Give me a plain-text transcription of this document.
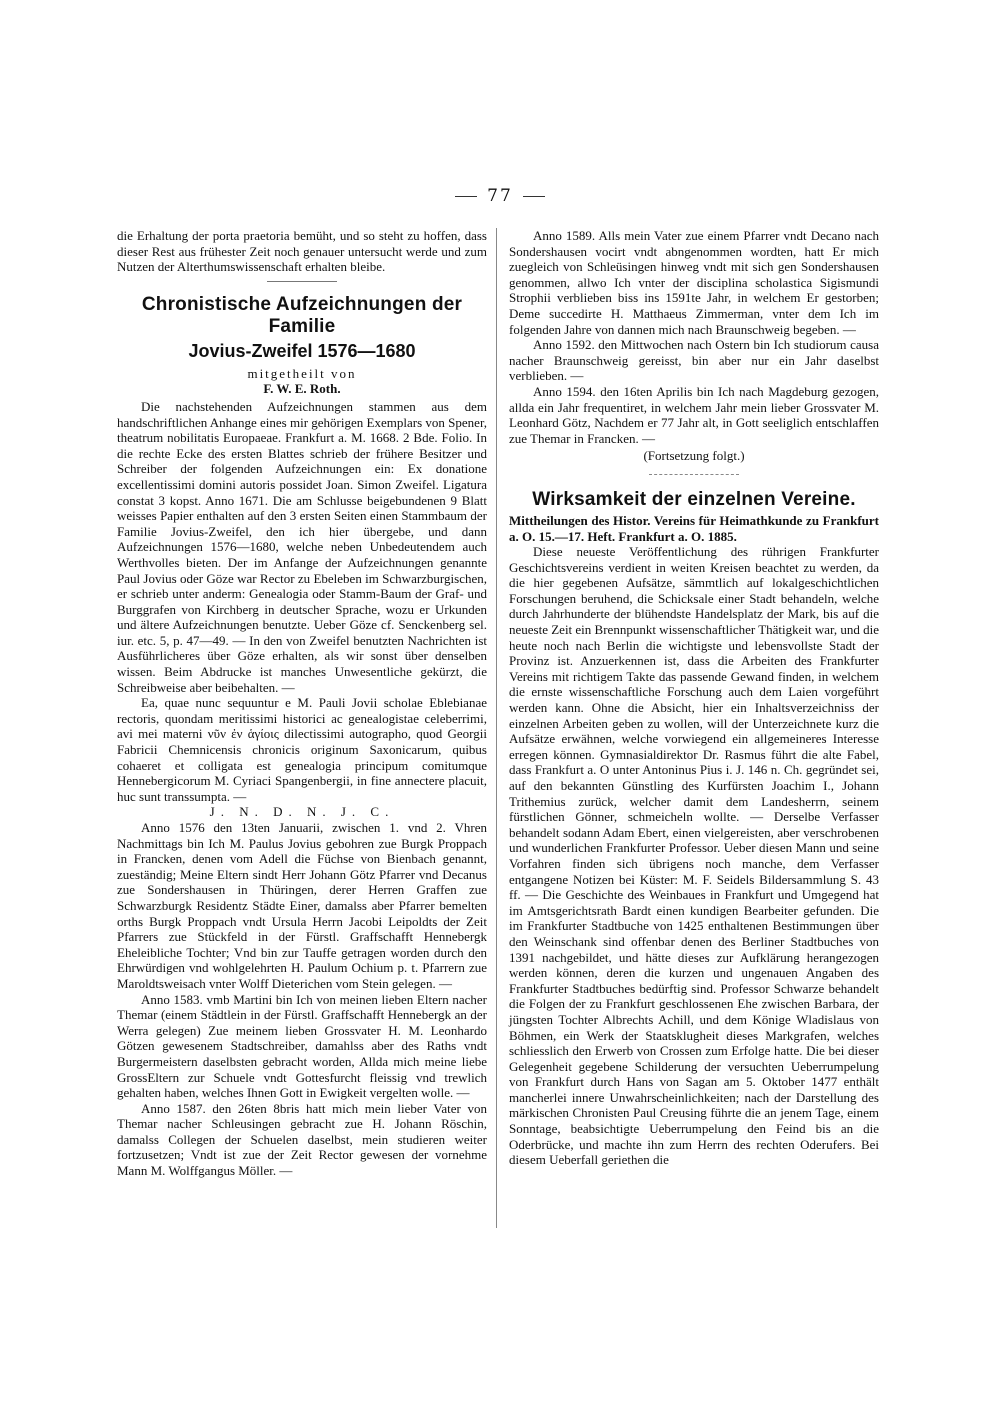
77

die Erhaltung der porta praetoria bemüht, und so steht zu hoffen, dass dieser Rest aus frühester Zeit noch genauer untersucht werde und zum Nutzen der Alterthumswissenschaft erhalten bleibe.

Chronistische Aufzeichnungen der Familie
Jovius-Zweifel 1576—1680
mitgetheilt von
F. W. E. Roth.

Die nachstehenden Aufzeichnungen stammen aus dem handschriftlichen Anhange eines mir gehörigen Exemplars von Spener, theatrum nobilitatis Europaeae. Frankfurt a. M. 1668. 2 Bde. Folio. In die rechte Ecke des ersten Blattes schrieb der frühere Besitzer und Schreiber der folgenden Aufzeichnungen ein: Ex donatione excellentissimi domini autoris possidet Joan. Simon Zweifel. Ligatura constat 3 kopst. Anno 1671. Die am Schlusse beigebundenen 9 Blatt weisses Papier enthalten auf den 3 ersten Seiten einen Stammbaum der Familie Jovius-Zweifel, den ich hier übergebe, und dann Aufzeichnungen 1576—1680, welche neben Unbedeutendem auch Werthvolles bieten. Der im Anfange der Aufzeichnungen genannte Paul Jovius oder Göze war Rector zu Ebeleben im Schwarzburgischen, er schrieb unter anderm: Genealogia oder Stamm-Baum der Graf- und Burggrafen von Kirchberg in deutscher Sprache, wozu er Urkunden und ältere Aufzeichnungen benutzte. Ueber Göze cf. Senckenberg sel. iur. etc. 5, p. 47—49. — In den von Zweifel benutzten Nachrichten ist Ausführlicheres über Göze erhalten, als wir sonst über denselben wissen. Beim Abdrucke ist manches Unwesentliche gekürzt, die Schreibweise aber beibehalten. —

Ea, quae nunc sequuntur e M. Pauli Jovii scholae Eblebianae rectoris, quondam meritissimi historici ac genealogistae celeberrimi, avi mei materni νῦν ἐν ἁγίοις dilectissimi autographo, quod Georgii Fabricii Chemnicensis chronicis originum Saxonicarum, quibus cohaeret et colligata est genealogia principum comitumque Hennebergicorum M. Cyriaci Spangenbergii, in fine annectere placuit, huc sunt transsumpta. —

J. N. D. N. J. C.

Anno 1576 den 13ten Januarii, zwischen 1. vnd 2. Vhren Nachmittags bin Ich M. Paulus Jovius gebohren zue Burgk Proppach in Francken, denen vom Adell die Füchse von Bienbach genannt, zueständig; Meine Eltern sindt Herr Johann Götz Pfarrer vnd Decanus zue Sondershausen in Thüringen, derer Herren Graffen zue Schwarzburgk Residentz Städte Einer, damalss aber Pfarrer bemelten orths Burgk Proppach vndt Ursula Herrn Jacobi Leipoldts der Zeit Pfarrers zue Stückfeld in der Fürstl. Graffschafft Hennebergk Eheleibliche Tochter; Vnd bin zur Tauffe getragen worden durch den Ehrwürdigen vnd wohlgelehrten H. Paulum Ochium p. t. Pfarrern zue Maroldtsweisach vnter Wolff Dieterichen vom Stein gelegen. —

Anno 1583. vmb Martini bin Ich von meinen lieben Eltern nacher Themar (einem Städtlein in der Fürstl. Graffschafft Hennebergk an der Werra gelegen) Zue meinem lieben Grossvater H. M. Leonhardo Götzen gewesenem Stadtschreiber, damahlss aber des Raths vndt Burgermeistern daselbsten gebracht worden, Allda mich meine liebe GrossEltern zur Schuele vndt Gottesfurcht fleissig vnd trewlich gehalten haben, welches Ihnen Gott in Ewigkeit vergelten wolle. —

Anno 1587. den 26ten 8bris hatt mich mein lieber Vater von Themar nacher Schleusingen gebracht zue H. Johann Röschin, damalss Collegen der Schuelen daselbst, mein studieren weiter fortzusetzen; Vndt ist zue der Zeit Rector gewesen der vornehme Mann M. Wolffgangus Möller. —

Anno 1589. Alls mein Vater zue einem Pfarrer vndt Decano nach Sondershausen vocirt vndt abngenommen wordten, hatt Er mich zuegleich von Schleüsingen hinweg vndt mit sich gen Sondershausen genommen, allwo Ich vnter der disciplina scholastica Sigismundi Strophii verblieben biss ins 1591te Jahr, in welchem Er gestorben; Deme succedirte H. Matthaeus Zimmerman, vnter dem Ich im folgenden Jahre von dannen mich nach Braunschweig begeben. —

Anno 1592. den Mittwochen nach Ostern bin Ich studiorum causa nacher Braunschweig gereisst, bin aber nur ein Jahr daselbst verblieben. —

Anno 1594. den 16ten Aprilis bin Ich nach Magdeburg gezogen, allda ein Jahr frequentiret, in welchem Jahr mein lieber Grossvater M. Leonhard Götz, Nachdem er 77 Jahr alt, in Gott seeliglich entschlaffen zue Themar in Francken. —

(Fortsetzung folgt.)
Wirksamkeit der einzelnen Vereine.

Mittheilungen des Histor. Vereins für Heimathkunde zu Frankfurt a. O. 15.—17. Heft. Frankfurt a. O. 1885.

Diese neueste Veröffentlichung des rührigen Frankfurter Geschichtsvereins verdient in weiten Kreisen beachtet zu werden, da die hier gegebenen Aufsätze, sämmtlich auf lokalgeschichtlichen Forschungen beruhend, die Schicksale einer Stadt behandeln, welche durch Jahrhunderte der blühendste Handelsplatz der Mark, bis auf die neueste Zeit ein Brennpunkt wissenschaftlicher Thätigkeit war, und die heute noch nach Berlin die wichtigste und lebensvollste Stadt der Provinz ist. Anzuerkennen ist, dass die Arbeiten des Frankfurter Vereins mit richtigem Takte das passende Gewand finden, in welchem die ernste wissenschaftliche Forschung auch dem Laien vorgeführt werden kann. Ohne die Absicht, hier ein Inhaltsverzeichniss der einzelnen Arbeiten geben zu wollen, will der Unterzeichnete kurz die Aufsätze erwähnen, welche vorwiegend ein allgemeineres Interesse erregen können. Gymnasialdirektor Dr. Rasmus führt die alte Fabel, dass Frankfurt a. O unter Antoninus Pius i. J. 146 n. Ch. gegründet sei, auf den bekannten Günstling des Kurfürsten Joachim I., Johann Trithemius zurück, welcher damit dem Landesherrn, seinem fürstlichen Gönner, schmeicheln wollte. — Derselbe Verfasser behandelt sodann Adam Ebert, einen vielgereisten, aber verschrobenen und wunderlichen Frankfurter Professor. Ueber diesen Mann und seine Vorfahren finden sich übrigens noch manche, dem Verfasser entgangene Notizen bei Küster: M. F. Seidels Bildersammlung S. 43 ff. — Die Geschichte des Weinbaues in Frankfurt und Umgegend hat im Amtsgerichtsrath Bardt einen kundigen Bearbeiter gefunden. Die im Frankfurter Stadtbuche von 1425 enthaltenen Bestimmungen über den Weinschank sind offenbar denen des Berliner Stadtbuches von 1391 nachgebildet, und hätte dieses zur Aufklärung herangezogen werden können, deren die kurzen und ungenauen Angaben des Frankfurter Stadtbuches bedürftig sind. Professor Schwarze behandelt die Folgen der zu Frankfurt geschlossenen Ehe zwischen Barbara, der jüngsten Tochter Albrechts Achill, und dem Könige Wladislaus von Böhmen, ein Werk der Staatsklugheit dieses Markgrafen, welches schliesslich den Erwerb von Crossen zum Erfolge hatte. Die bei dieser Gelegenheit gegebene Schilderung der versuchten Ueberrumpelung von Frankfurt durch Hans von Sagan am 5. Oktober 1477 enthält mancherlei innere Unwahrscheinlichkeiten; nach der Darstellung des märkischen Chronisten Paul Creusing führte die an jenem Tage, einem Sonntage, beabsichtigte Ueberrumpelung den Feind bis an die Oderbrücke, und machte ihn zum Herrn des rechten Oderufers. Bei diesem Ueberfall geriethen die
